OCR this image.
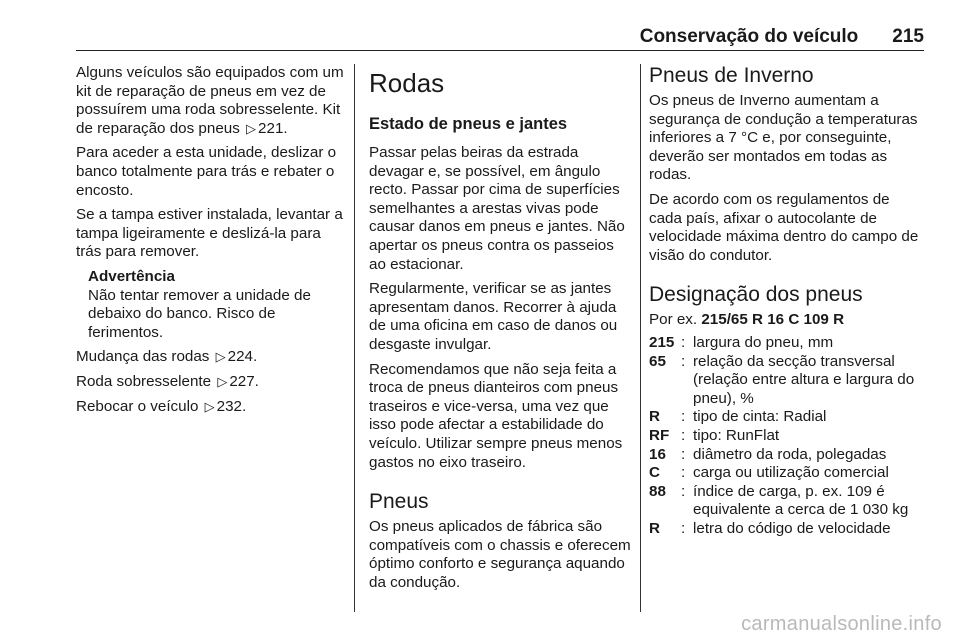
Conservação do veículo 215

Alguns veículos são equipados com um kit de reparação de pneus em vez de possuírem uma roda sobresselente. Kit de reparação dos pneus ▷ 221.

Para aceder a esta unidade, deslizar o banco totalmente para trás e rebater o encosto.

Se a tampa estiver instalada, levantar a tampa ligeiramente e deslizá-la para trás para remover.

Advertência
Não tentar remover a unidade de debaixo do banco. Risco de ferimentos.

Mudança das rodas ▷ 224.

Roda sobresselente ▷ 227.

Rebocar o veículo ▷ 232.

Rodas
Estado de pneus e jantes

Passar pelas beiras da estrada devagar e, se possível, em ângulo recto. Passar por cima de superfícies semelhantes a arestas vivas pode causar danos em pneus e jantes. Não apertar os pneus contra os passeios ao estacionar.

Regularmente, verificar se as jantes apresentam danos. Recorrer à ajuda de uma oficina em caso de danos ou desgaste invulgar.

Recomendamos que não seja feita a troca de pneus dianteiros com pneus traseiros e vice-versa, uma vez que isso pode afectar a estabilidade do veículo. Utilizar sempre pneus menos gastos no eixo traseiro.

Pneus

Os pneus aplicados de fábrica são compatíveis com o chassis e oferecem óptimo conforto e segurança aquando da condução.

Pneus de Inverno

Os pneus de Inverno aumentam a segurança de condução a temperaturas inferiores a 7 °C e, por conseguinte, deverão ser montados em todas as rodas.

De acordo com os regulamentos de cada país, afixar o autocolante de velocidade máxima dentro do campo de visão do condutor.

Designação dos pneus

Por ex. 215/65 R 16 C 109 R

215 : largura do pneu, mm
65 : relação da secção transversal (relação entre altura e largura do pneu), %
R	: tipo de cinta: Radial
RF : tipo: RunFlat
16 : diâmetro da roda, polegadas
C	: carga ou utilização comercial
88 : índice de carga, p. ex. 109 é equivalente a cerca de 1 030 kg
R	: letra do código de velocidade
carmanualsonline.info
